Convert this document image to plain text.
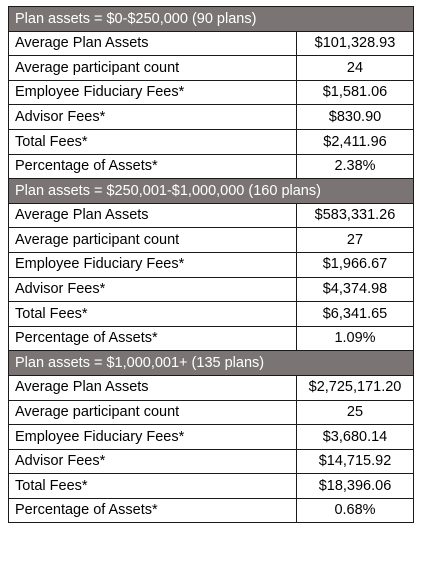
Plan assets = $0-$250,000 (90 plans)	
Average Plan Assets	$101,328.93
Average participant count	24
Employee Fiduciary Fees*	$1,581.06
Advisor Fees*	$830.90
Total Fees*	$2,411.96
Percentage of Assets*	2.38%
Plan assets = $250,001-$1,000,000 (160 plans)	
Average Plan Assets	$583,331.26
Average participant count	27
Employee Fiduciary Fees*	$1,966.67
Advisor Fees*	$4,374.98
Total Fees*	$6,341.65
Percentage of Assets*	1.09%
Plan assets = $1,000,001+ (135 plans)	
Average Plan Assets	$2,725,171.20
Average participant count	25
Employee Fiduciary Fees*	$3,680.14
Advisor Fees*	$14,715.92
Total Fees*	$18,396.06
Percentage of Assets*	0.68%
